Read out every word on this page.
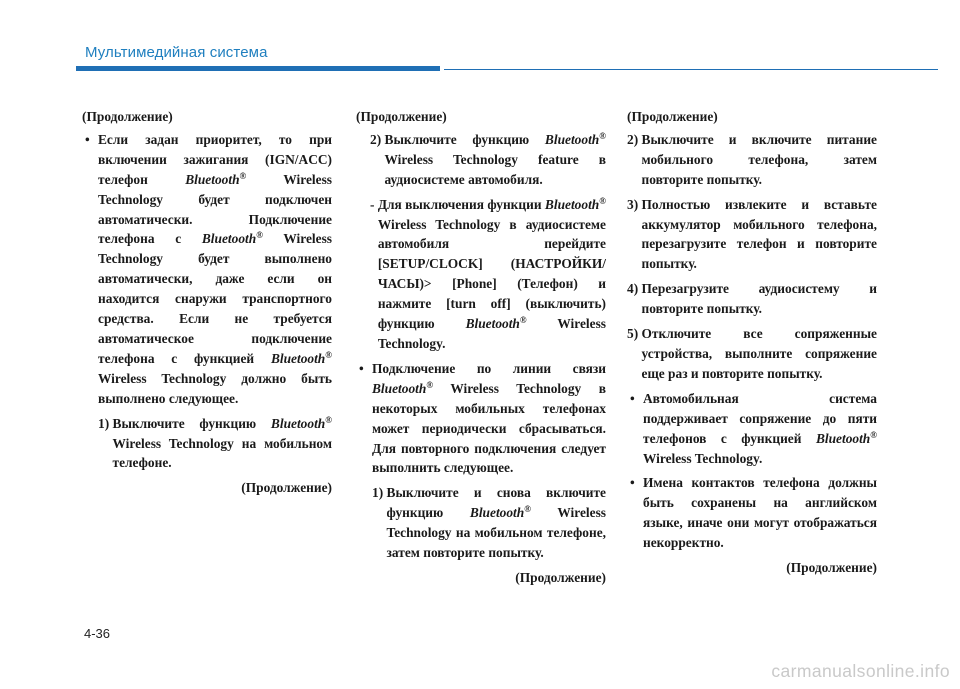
Мультимедийная система

(Продолжение)

• Если задан приоритет, то при включении зажигания (IGN/ACC) телефон	Bluetooth®	Wireless Technology будет подключен автоматически. Подключение телефона с Bluetooth® Wireless Technology будет выполнено автоматически, даже если он находится снаружи транспортного средства. Если не требуется автоматическое подключение телефона с функцией Bluetooth® Wireless Technology должно быть выполнено следующее.

1) Выключите функцию Bluetooth® Wireless Technology на мобильном телефоне.

(Продолжение)

(Продолжение)

2) Выключите функцию Bluetooth® Wireless Technology feature в аудиосистеме автомобиля.
- Для выключения функции Bluetooth® Wireless Technology в аудиосистеме автомобиля перейдите [SETUP/CLOCK] (НАСТРОЙКИ/ЧАСЫ)> [Phone] (Телефон) и нажмите [turn off] (выключить) функцию Bluetooth® Wireless Technology.

• Подключение по линии связи Bluetooth® Wireless Technology в некоторых мобильных телефонах может периодически сбрасываться. Для повторного подключения следует выполнить следующее.

1) Выключите и снова включите функцию Bluetooth® Wireless Technology на мобильном телефоне, затем повторите попытку.

(Продолжение)

(Продолжение)

2) Выключите и включите питание мобильного телефона, затем повторите попытку.
3) Полностью извлеките и вставьте аккумулятор мобильного телефона, перезагрузите телефон и повторите попытку.
4) Перезагрузите аудиосистему и повторите попытку.
5) Отключите все сопряженные устройства, выполните сопряжение еще раз и повторите попытку.

• Автомобильная система поддерживает сопряжение до пяти телефонов с функцией Bluetooth® Wireless Technology.

• Имена контактов телефона должны быть сохранены на английском языке, иначе они могут отображаться некорректно.

(Продолжение)

4-36
carmanualsonline.info
